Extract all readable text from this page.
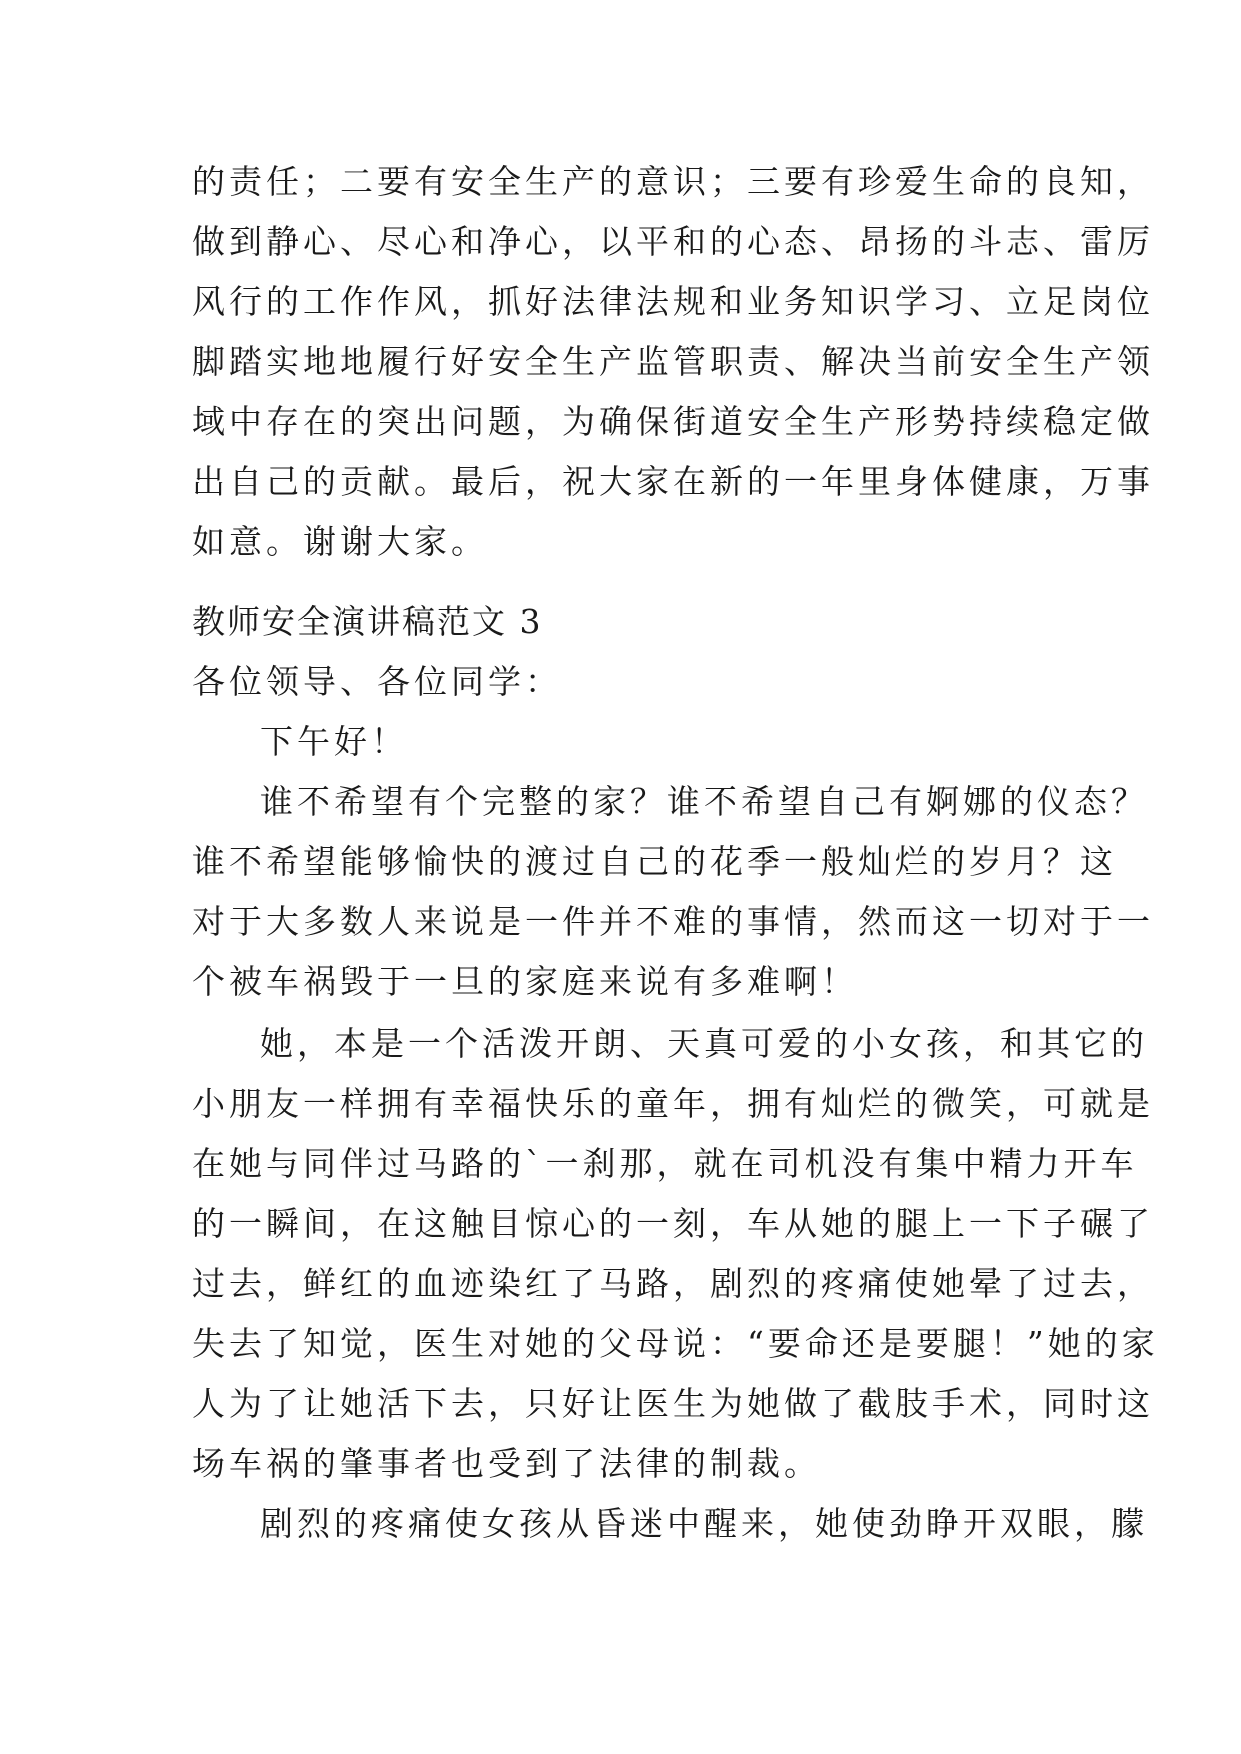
的责任；二要有安全生产的意识；三要有珍爱生命的良知，
做到静心、尽心和净心，以平和的心态、昂扬的斗志、雷厉
风行的工作作风，抓好法律法规和业务知识学习、立足岗位
脚踏实地地履行好安全生产监管职责、解决当前安全生产领
域中存在的突出问题，为确保街道安全生产形势持续稳定做
出自己的贡献。最后，祝大家在新的一年里身体健康，万事
如意。谢谢大家。
教师安全演讲稿范文 3
各位领导、各位同学：
下午好！
谁不希望有个完整的家？谁不希望自己有婀娜的仪态？
谁不希望能够愉快的渡过自己的花季一般灿烂的岁月？这
对于大多数人来说是一件并不难的事情，然而这一切对于一
个被车祸毁于一旦的家庭来说有多难啊！
她，本是一个活泼开朗、天真可爱的小女孩，和其它的
小朋友一样拥有幸福快乐的童年，拥有灿烂的微笑，可就是
在她与同伴过马路的`一刹那，就在司机没有集中精力开车
的一瞬间，在这触目惊心的一刻，车从她的腿上一下子碾了
过去，鲜红的血迹染红了马路，剧烈的疼痛使她晕了过去，
失去了知觉，医生对她的父母说：“要命还是要腿！”她的家
人为了让她活下去，只好让医生为她做了截肢手术，同时这
场车祸的肇事者也受到了法律的制裁。
剧烈的疼痛使女孩从昏迷中醒来，她使劲睁开双眼，朦
